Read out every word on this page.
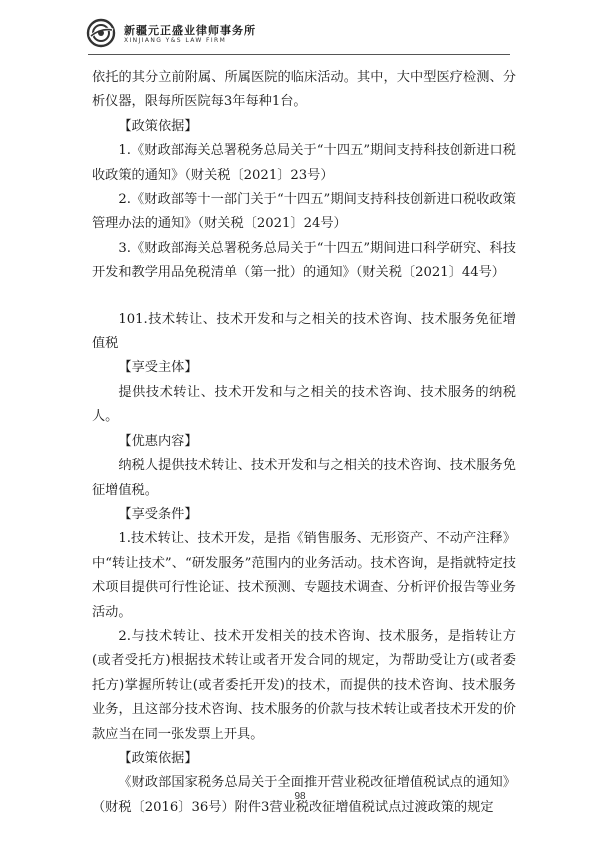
新疆元正盛业律师事务所
XINJIANG Y&S LAW FIRM

依托的其分立前附属、所属医院的临床活动。其中，大中型医疗检测、分析仪器，限每所医院每3年每种1台。

【政策依据】

1.《财政部海关总署税务总局关于“十四五”期间支持科技创新进口税收政策的通知》（财关税〔2021〕23号）

2.《财政部等十一部门关于“十四五”期间支持科技创新进口税收政策管理办法的通知》（财关税〔2021〕24号）

3.《财政部海关总署税务总局关于“十四五”期间进口科学研究、科技开发和教学用品免税清单（第一批）的通知》（财关税〔2021〕44号）

101.技术转让、技术开发和与之相关的技术咨询、技术服务免征增值税

【享受主体】

提供技术转让、技术开发和与之相关的技术咨询、技术服务的纳税人。

【优惠内容】

纳税人提供技术转让、技术开发和与之相关的技术咨询、技术服务免征增值税。

【享受条件】

1.技术转让、技术开发，是指《销售服务、无形资产、不动产注释》中“转让技术”、“研发服务”范围内的业务活动。技术咨询，是指就特定技术项目提供可行性论证、技术预测、专题技术调查、分析评价报告等业务活动。

2.与技术转让、技术开发相关的技术咨询、技术服务，是指转让方(或者受托方)根据技术转让或者开发合同的规定，为帮助受让方(或者委托方)掌握所转让(或者委托开发)的技术，而提供的技术咨询、技术服务业务，且这部分技术咨询、技术服务的价款与技术转让或者技术开发的价款应当在同一张发票上开具。

【政策依据】

《财政部国家税务总局关于全面推开营业税改征增值税试点的通知》（财税〔2016〕36号）附件3营业税改征增值税试点过渡政策的规定

98
